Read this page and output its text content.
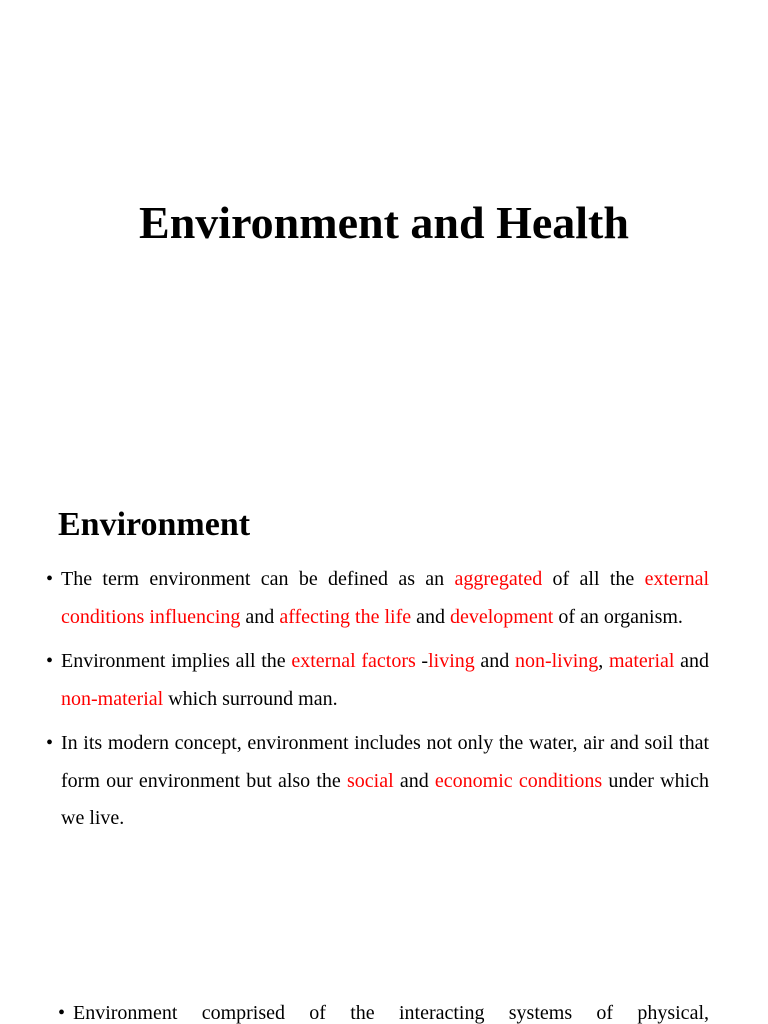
Environment and Health
Environment
• The term environment can be defined as an aggregated of all the external conditions influencing and affecting the life and development of an organism.
• Environment implies all the external factors -living and non-living, material and non-material which surround man.
• In its modern concept, environment includes not only the water, air and soil that form our environment but also the social and economic conditions under which we live.
• Environment comprised of the interacting systems of physical,
